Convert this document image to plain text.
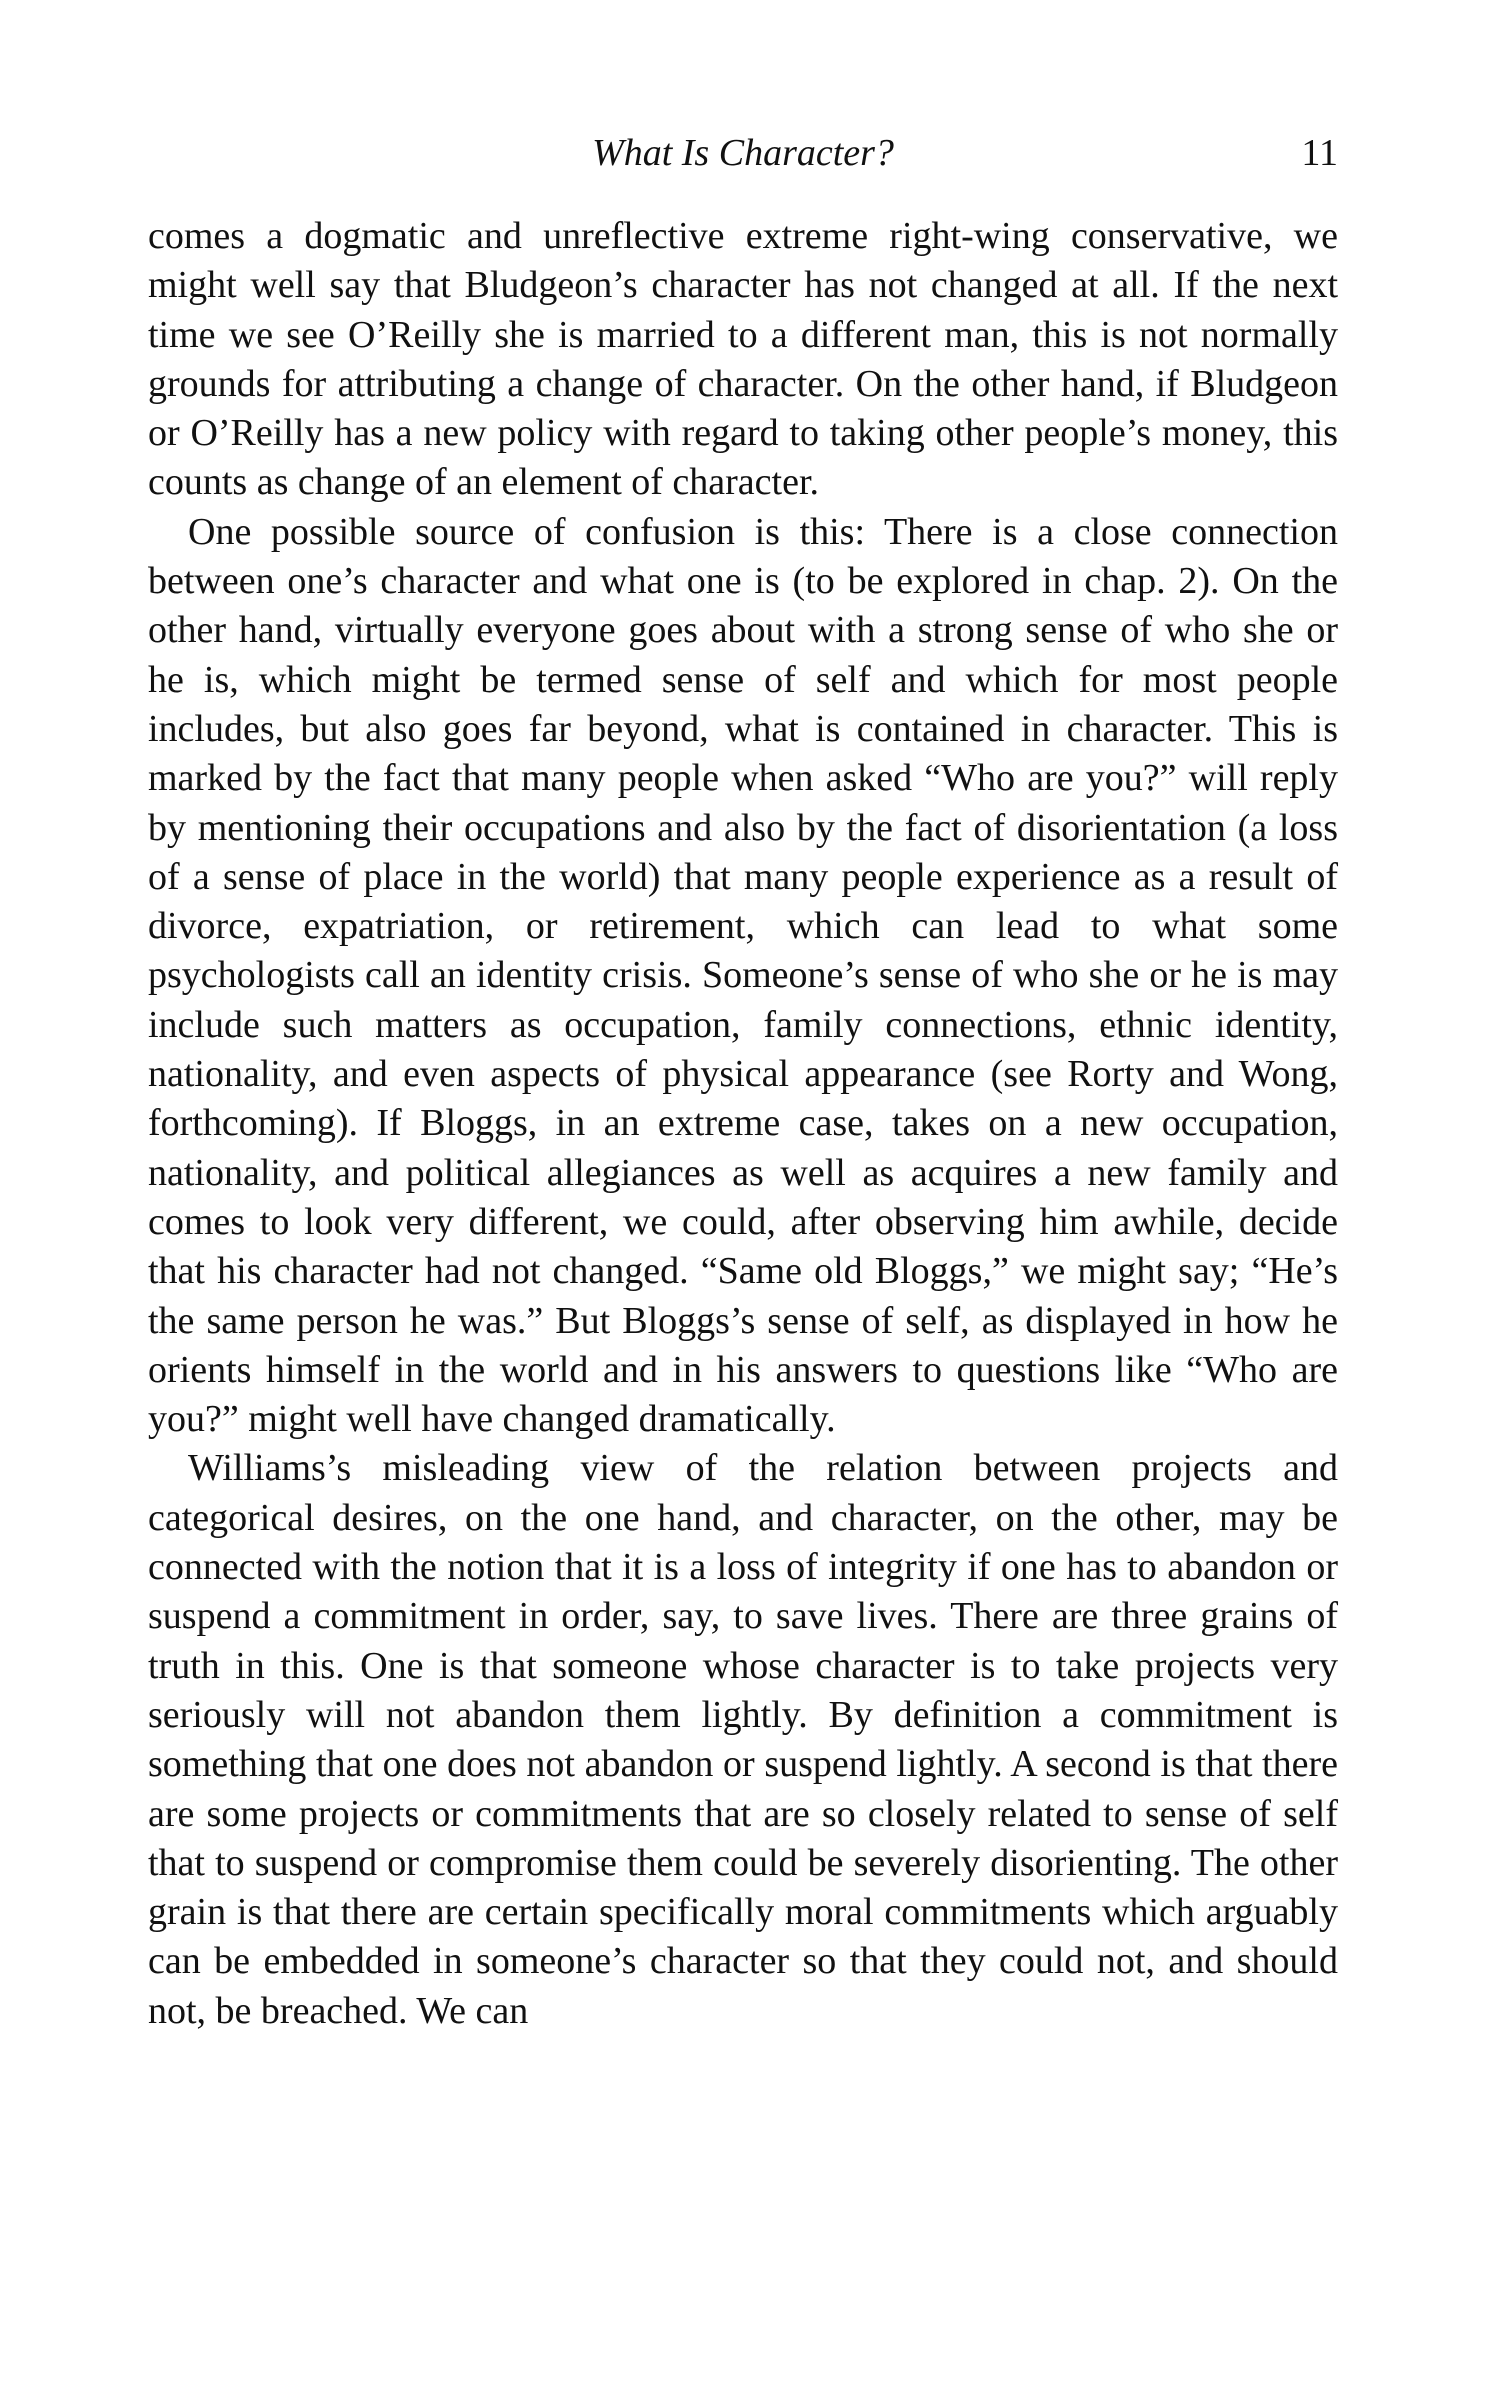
What Is Character?	11

comes a dogmatic and unreflective extreme right-wing conservative, we might well say that Bludgeon’s character has not changed at all. If the next time we see O’Reilly she is married to a different man, this is not normally grounds for attributing a change of character. On the other hand, if Bludgeon or O’Reilly has a new policy with regard to taking other people’s money, this counts as change of an element of character.

One possible source of confusion is this: There is a close connection between one’s character and what one is (to be explored in chap. 2). On the other hand, virtually everyone goes about with a strong sense of who she or he is, which might be termed sense of self and which for most people includes, but also goes far beyond, what is contained in character. This is marked by the fact that many people when asked “Who are you?” will reply by mentioning their occupations and also by the fact of disorientation (a loss of a sense of place in the world) that many people experience as a result of divorce, expatriation, or retirement, which can lead to what some psychologists call an identity crisis. Someone’s sense of who she or he is may include such matters as occupation, family connections, ethnic identity, nationality, and even aspects of physical appearance (see Rorty and Wong, forthcoming). If Bloggs, in an extreme case, takes on a new occupation, nationality, and political allegiances as well as acquires a new family and comes to look very different, we could, after observing him awhile, decide that his character had not changed. “Same old Bloggs,” we might say; “He’s the same person he was.” But Bloggs’s sense of self, as displayed in how he orients himself in the world and in his answers to questions like “Who are you?” might well have changed dramatically.

Williams’s misleading view of the relation between projects and categorical desires, on the one hand, and character, on the other, may be connected with the notion that it is a loss of integrity if one has to abandon or suspend a commitment in order, say, to save lives. There are three grains of truth in this. One is that someone whose character is to take projects very seriously will not abandon them lightly. By definition a commitment is something that one does not abandon or suspend lightly. A second is that there are some projects or commitments that are so closely related to sense of self that to suspend or compromise them could be severely disorienting. The other grain is that there are certain specifically moral commitments which arguably can be embedded in someone’s character so that they could not, and should not, be breached. We can
